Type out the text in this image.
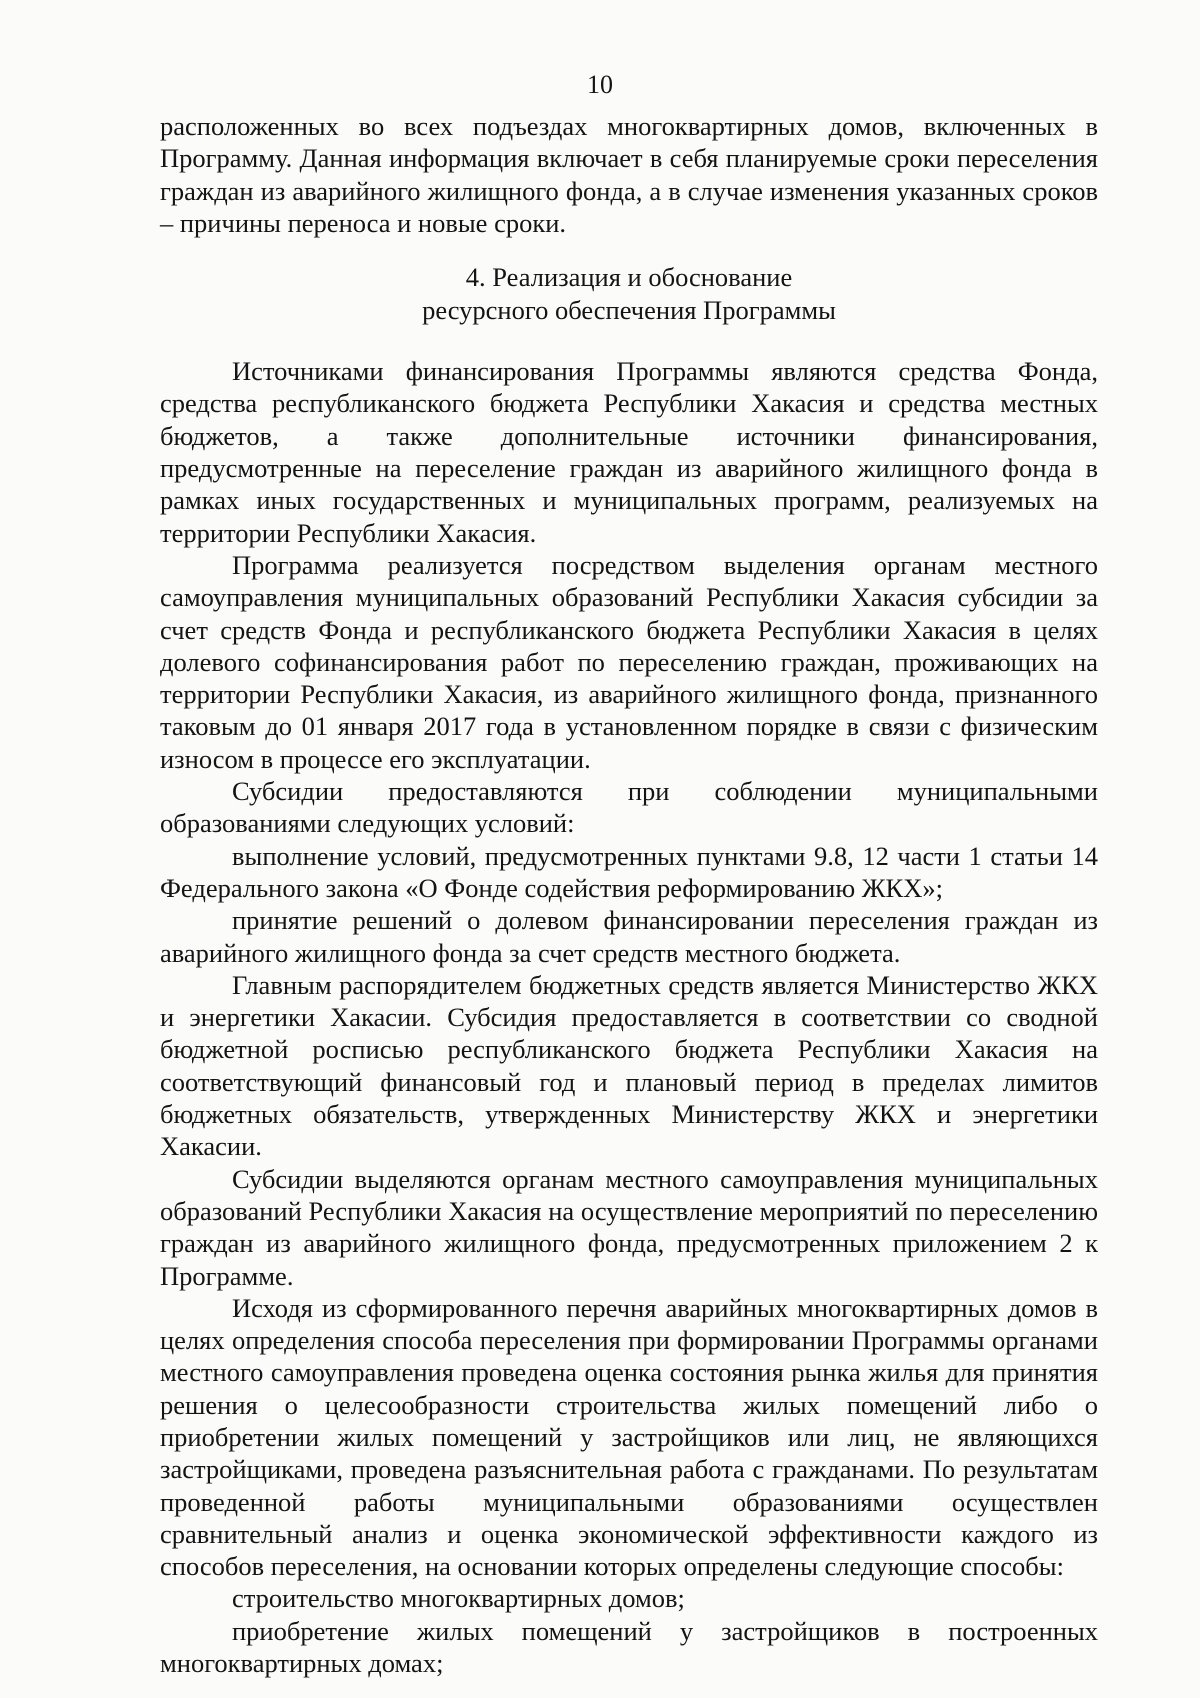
10

расположенных во всех подъездах многоквартирных домов, включенных в Программу. Данная информация включает в себя планируемые сроки переселения граждан из аварийного жилищного фонда, а в случае изменения указанных сроков – причины переноса и новые сроки.

4. Реализация и обоснование
ресурсного обеспечения Программы

Источниками финансирования Программы являются средства Фонда, средства республиканского бюджета Республики Хакасия и средства местных бюджетов, а также дополнительные источники финансирования, предусмотренные на переселение граждан из аварийного жилищного фонда в рамках иных государственных и муниципальных программ, реализуемых на территории Республики Хакасия.

Программа реализуется посредством выделения органам местного самоуправления муниципальных образований Республики Хакасия субсидии за счет средств Фонда и республиканского бюджета Республики Хакасия в целях долевого софинансирования работ по переселению граждан, проживающих на территории Республики Хакасия, из аварийного жилищного фонда, признанного таковым до 01 января 2017 года в установленном порядке в связи с физическим износом в процессе его эксплуатации.

Субсидии предоставляются при соблюдении муниципальными образованиями следующих условий:

выполнение условий, предусмотренных пунктами 9.8, 12 части 1 статьи 14 Федерального закона «О Фонде содействия реформированию ЖКХ»;

принятие решений о долевом финансировании переселения граждан из аварийного жилищного фонда за счет средств местного бюджета.

Главным распорядителем бюджетных средств является Министерство ЖКХ и энергетики Хакасии. Субсидия предоставляется в соответствии со сводной бюджетной росписью республиканского бюджета Республики Хакасия на соответствующий финансовый год и плановый период в пределах лимитов бюджетных обязательств, утвержденных Министерству ЖКХ и энергетики Хакасии.

Субсидии выделяются органам местного самоуправления муниципальных образований Республики Хакасия на осуществление мероприятий по переселению граждан из аварийного жилищного фонда, предусмотренных приложением 2 к Программе.

Исходя из сформированного перечня аварийных многоквартирных домов в целях определения способа переселения при формировании Программы органами местного самоуправления проведена оценка состояния рынка жилья для принятия решения о целесообразности строительства жилых помещений либо о приобретении жилых помещений у застройщиков или лиц, не являющихся застройщиками, проведена разъяснительная работа с гражданами. По результатам проведенной работы муниципальными образованиями осуществлен сравнительный анализ и оценка экономической эффективности каждого из способов переселения, на основании которых определены следующие способы:

строительство многоквартирных домов;

приобретение жилых помещений у застройщиков в построенных многоквартирных домах;
